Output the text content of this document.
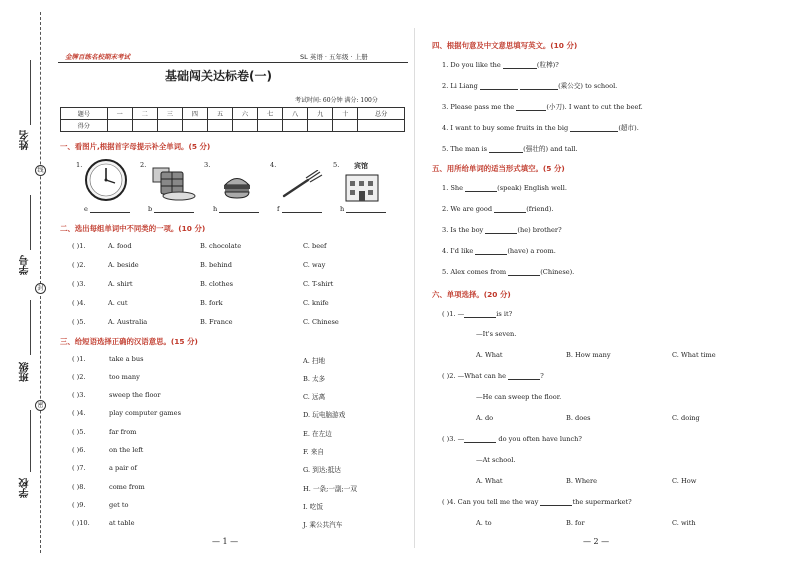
姓名
学号
班级
学校
线
封
密
金牌百练名校期末考试	SL 英语 · 五年级 · 上册
基础闯关达标卷(一)
考试时间: 60分钟 满分: 100分
题号	一	二	三	四	五	六	七	八	九	十	总分
得分											
一、看图片,根据首字母提示补全单词。(5 分)
1.	2.	3.	4.	5. 宾馆
e	b	h	f	h
二、选出每组单词中不同类的一项。(10 分)
( )1.	A. food	B. chocolate	C. beef
( )2.	A. beside	B. behind	C. way
( )3.	A. shirt	B. clothes	C. T-shirt
( )4.	A. cut	B. fork	C. knife
( )5.	A. Australia	B. France	C. Chinese
三、给短语选择正确的汉语意思。(15 分)
( )1.	take a bus	A. 扫地
( )2.	too many	B. 太多
( )3.	sweep the floor	C. 远离
( )4.	play computer games	D. 玩电脑游戏
( )5.	far from	E. 在左边
( )6.	on the left	F. 来自
( )7.	a pair of	G. 到达;抵达
( )8.	come from	H. 一条;一副;一双
( )9.	get to	I. 吃饭
( )10.	at table	J. 乘公共汽车
— 1 —
四、根据句意及中文意思填写英文。(10 分)
1. Do you like the	(粒棒)?
2. Li Liang	(乘公交) to school.
3. Please pass me the	(小刀). I want to cut the beef.
4. I want to buy some fruits in the big	(超市).
5. The man is	(强壮的) and tall.
五、用所给单词的适当形式填空。(5 分)
1. She	(speak) English well.
2. We are good	(friend).
3. Is the boy	(he) brother?
4. I'd like	(have) a room.
5. Alex comes from	(Chinese).
六、单项选择。(20 分)
( )1. —	is it?
—It's seven.
A. What	B. How many	C. What time
( )2. —What can he	?
—He can sweep the floor.
A. do	B. does	C. doing
( )3. —	do you often have lunch?
—At school.
A. What	B. Where	C. How
( )4. Can you tell me the way	the supermarket?
A. to	B. for	C. with
— 2 —
